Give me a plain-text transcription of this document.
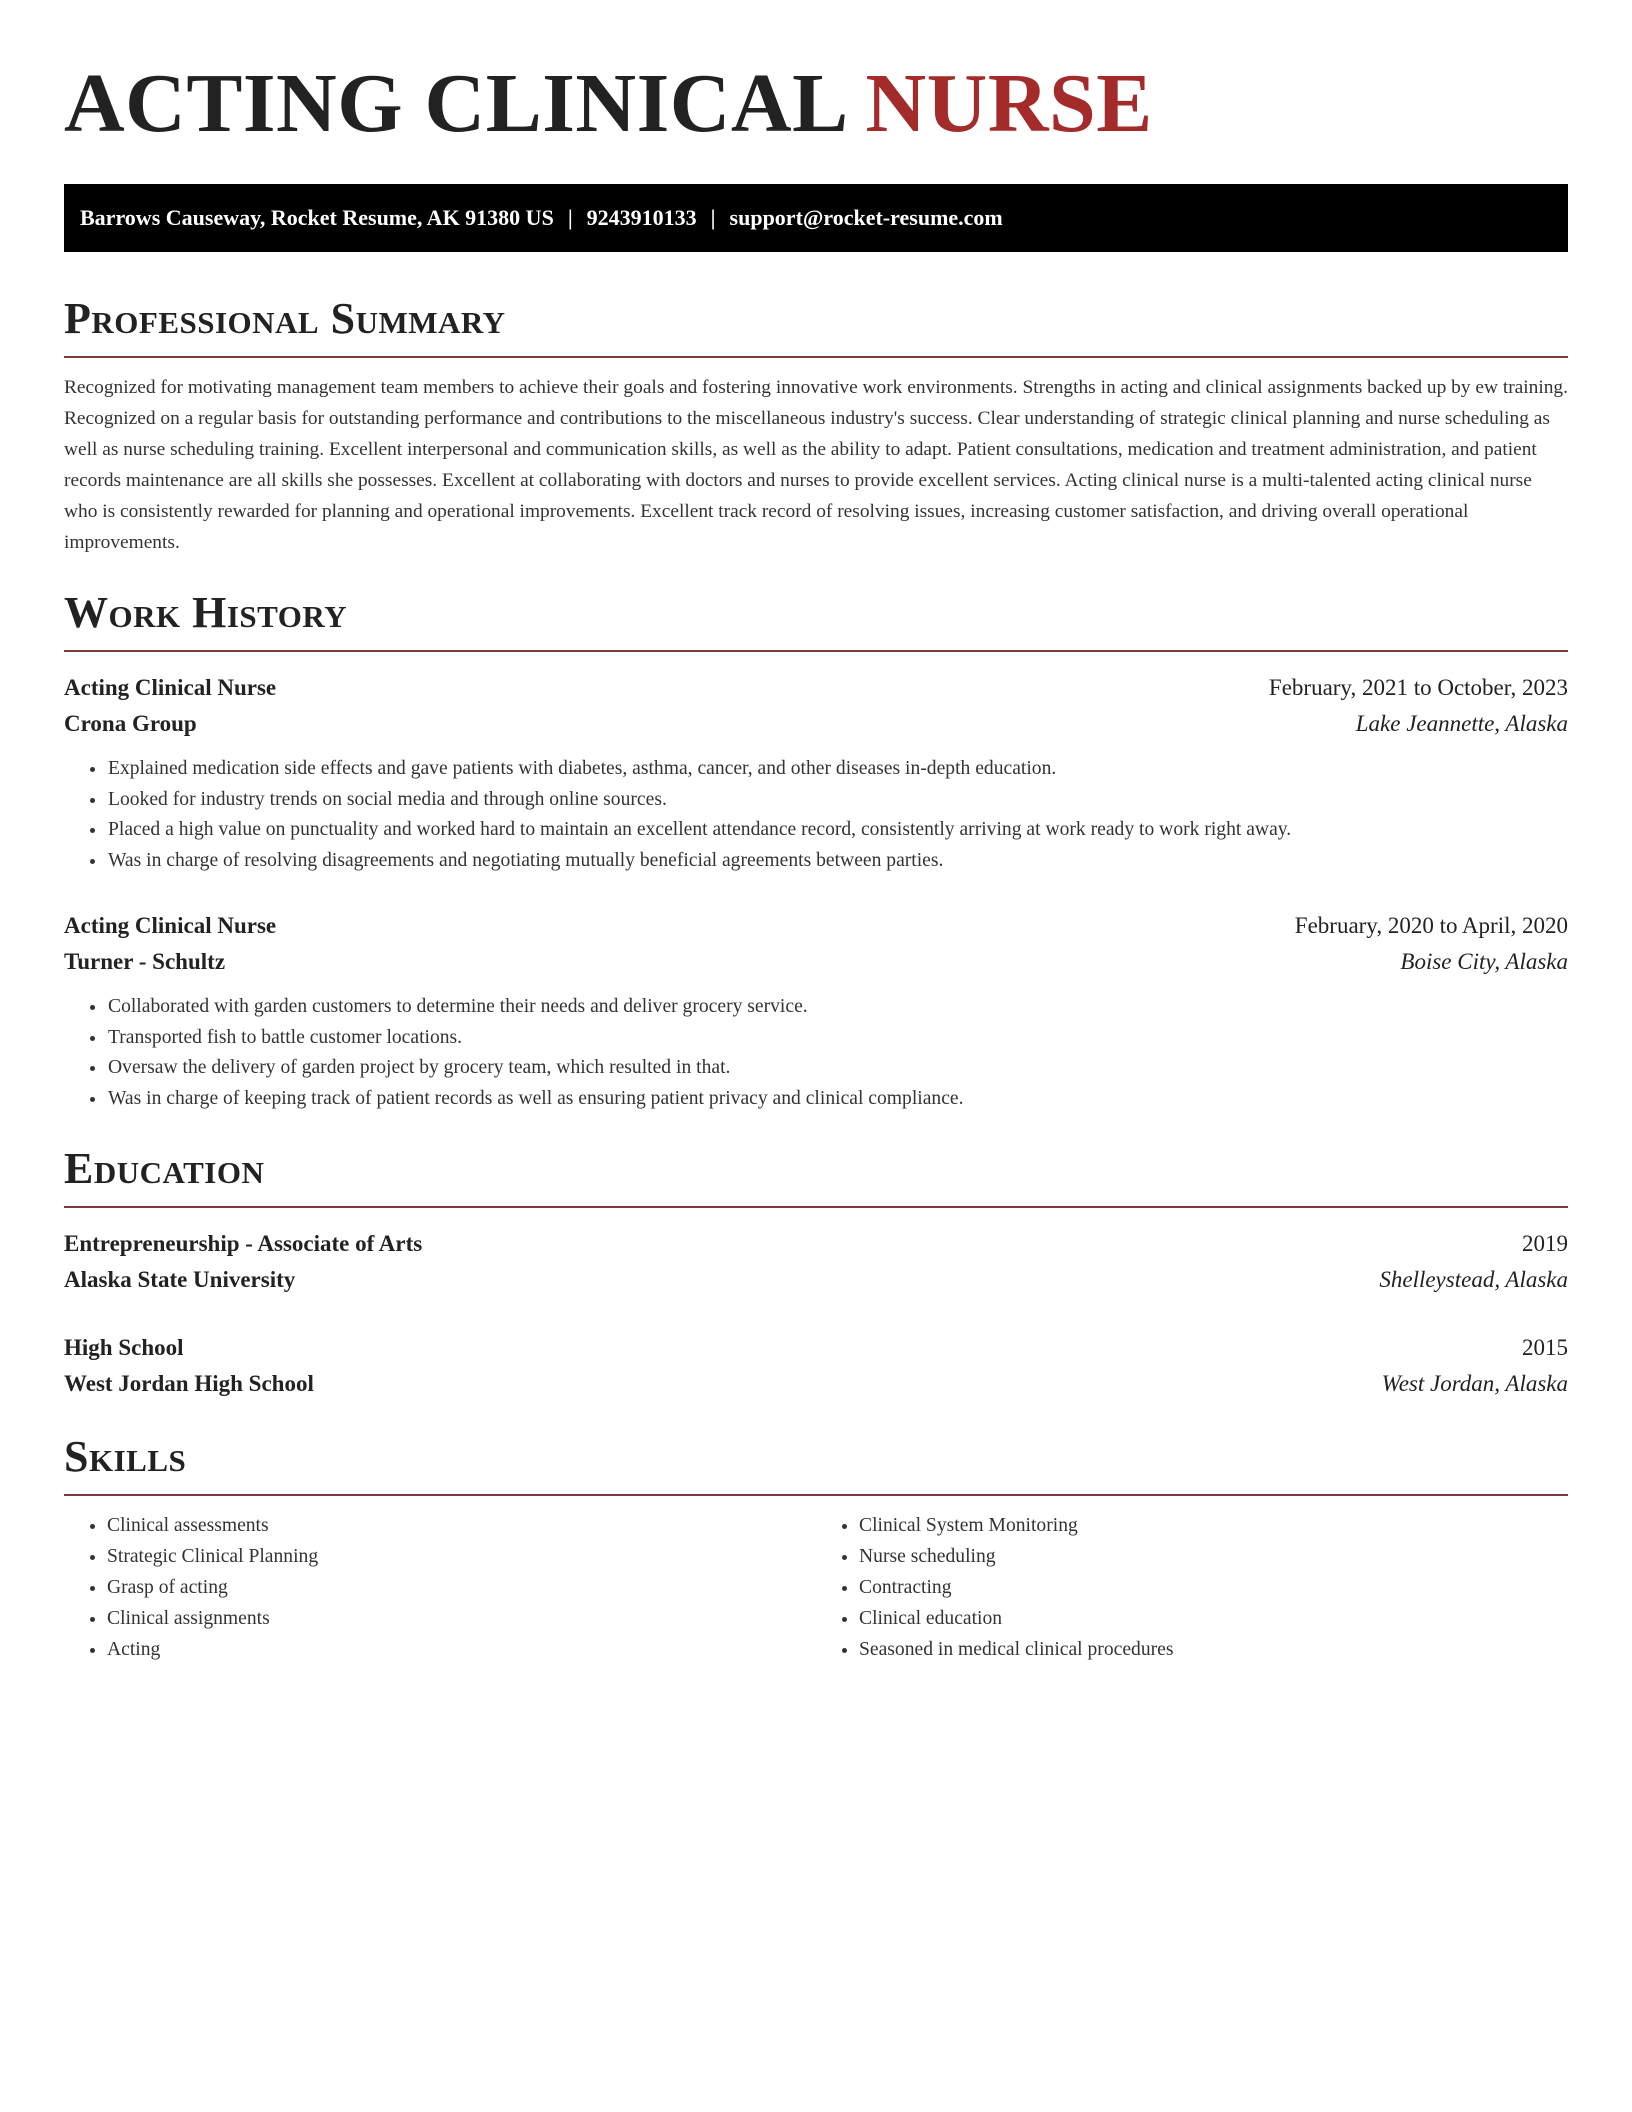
ACTING CLINICAL NURSE
Barrows Causeway, Rocket Resume, AK 91380 US | 9243910133 | support@rocket-resume.com
Professional Summary

Recognized for motivating management team members to achieve their goals and fostering innovative work environments. Strengths in acting and clinical assignments backed up by ew training. Recognized on a regular basis for outstanding performance and contributions to the miscellaneous industry's success. Clear understanding of strategic clinical planning and nurse scheduling as well as nurse scheduling training. Excellent interpersonal and communication skills, as well as the ability to adapt. Patient consultations, medication and treatment administration, and patient records maintenance are all skills she possesses. Excellent at collaborating with doctors and nurses to provide excellent services. Acting clinical nurse is a multi-talented acting clinical nurse who is consistently rewarded for planning and operational improvements. Excellent track record of resolving issues, increasing customer satisfaction, and driving overall operational improvements.

Work History
Acting Clinical Nurse	February, 2021 to October, 2023
Crona Group	Lake Jeannette, Alaska
• Explained medication side effects and gave patients with diabetes, asthma, cancer, and other diseases in-depth education.
• Looked for industry trends on social media and through online sources.
• Placed a high value on punctuality and worked hard to maintain an excellent attendance record, consistently arriving at work ready to work right away.
• Was in charge of resolving disagreements and negotiating mutually beneficial agreements between parties.
Acting Clinical Nurse	February, 2020 to April, 2020
Turner - Schultz	Boise City, Alaska
• Collaborated with garden customers to determine their needs and deliver grocery service.
• Transported fish to battle customer locations.
• Oversaw the delivery of garden project by grocery team, which resulted in that.
• Was in charge of keeping track of patient records as well as ensuring patient privacy and clinical compliance.
Education
Entrepreneurship - Associate of Arts	2019
Alaska State University	Shelleystead, Alaska
High School	2015
West Jordan High School	West Jordan, Alaska
Skills
• Clinical assessments
• Strategic Clinical Planning
• Grasp of acting
• Clinical assignments
• Acting
• Clinical System Monitoring
• Nurse scheduling
• Contracting
• Clinical education
• Seasoned in medical clinical procedures
